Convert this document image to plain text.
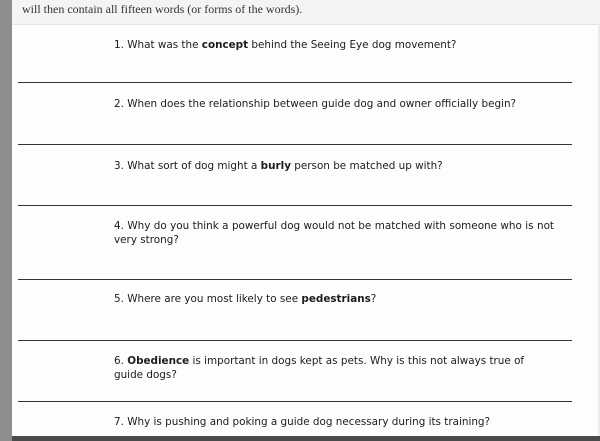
will then contain all fifteen words (or forms of the words).
1. What was the concept behind the Seeing Eye dog movement?
2. When does the relationship between guide dog and owner officially begin?
3. What sort of dog might a burly person be matched up with?
4. Why do you think a powerful dog would not be matched with someone who is not very strong?
5. Where are you most likely to see pedestrians?
6. Obedience is important in dogs kept as pets. Why is this not always true of guide dogs?
7. Why is pushing and poking a guide dog necessary during its training?
